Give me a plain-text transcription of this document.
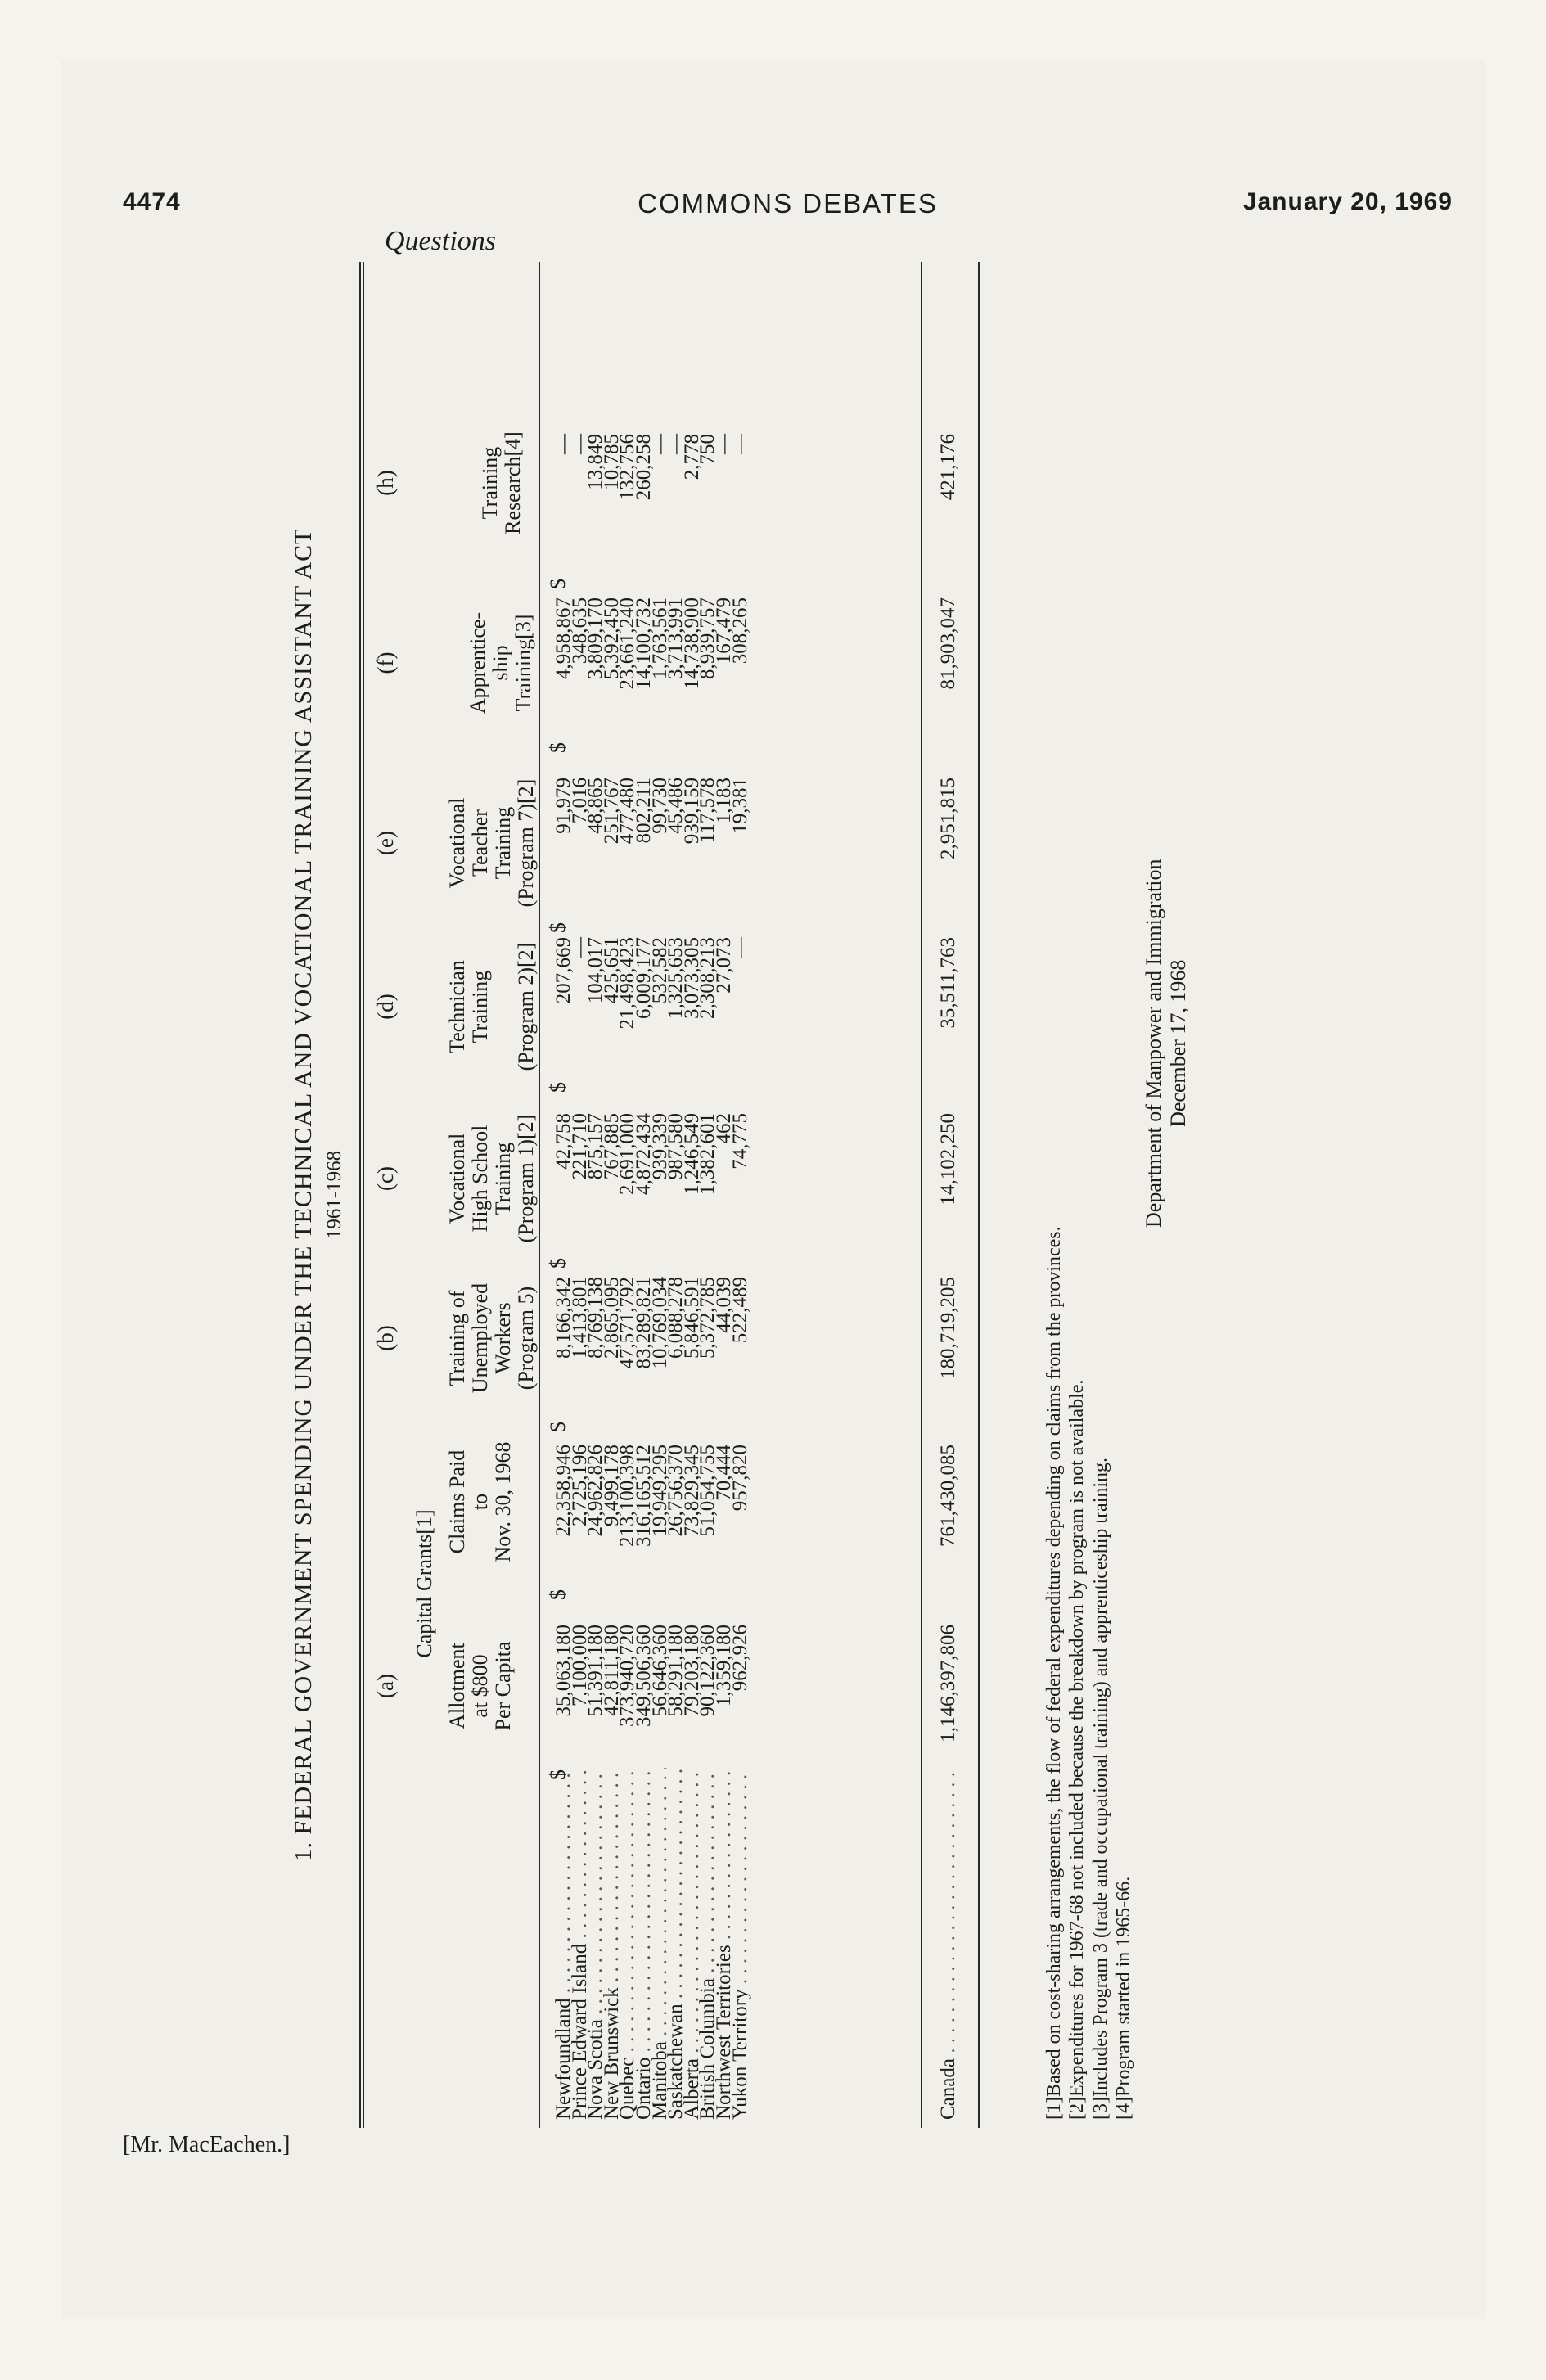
4474	COMMONS DEBATES	January 20, 1969
Questions
1. FEDERAL GOVERNMENT SPENDING UNDER THE TECHNICAL AND VOCATIONAL TRAINING ASSISTANT ACT 1961-1968
(a)
(b)
(c)
(d)
(e)
(f)
(h)
Capital Grants[1]
Allotment at $800 Per Capita
Claims Paid to Nov. 30, 1968
Training of Unemployed Workers (Program 5)
Vocational High School Training (Program 1)[2]
Technician Training
(Program 2)[2]
Vocational Teacher Training (Program 7)[2]
Apprentice- ship Training[3]
Training Research[4]
$
$
$
$
$
$
$
$
Newfoundland . . .
35,063,180
22,358,946
8,166,342
42,758
207,669
91,979
4,958,867
—
Prince Edward Island . . .
7,100,000
2,725,196
1,413,801
221,710
—
7,016
348,635
—
Nova Scotia . . .
51,391,180
24,962,826
8,769,138
875,157
104,017
48,865
3,809,170
13,849
New Brunswick . . .
42,811,180
9,499,178
2,865,095
767,885
425,651
251,767
5,392,450
10,785
Quebec . . .
373,940,720
213,100,398
47,571,792
2,691,000
21,498,423
477,480
23,661,240
132,756
Ontario . . .
349,506,360
316,165,512
83,289,821
4,872,434
6,009,177
802,211
14,100,732
260,258
Manitoba . . .
56,646,360
19,949,295
10,769,034
939,339
532,582
99,730
1,763,561
—
Saskatchewan . . .
58,291,180
26,756,370
6,088,278
987,580
1,325,653
45,486
3,713,991
—
Alberta . . .
79,203,180
73,829,345
5,846,591
1,246,549
3,073,305
939,159
14,738,900
2,778
British Columbia . . .
90,122,360
51,054,755
5,372,785
1,382,601
2,308,213
117,578
8,939,757
750
Northwest Territories . . .
1,359,180
70,444
44,039
462
27,073
1,183
167,479
—
Yukon Territory . . .
962,926
957,820
522,489
74,775
—
19,381
308,265
—
Canada . . .
1,146,397,806
761,430,085
180,719,205
14,102,250
35,511,763
2,951,815
81,903,047
421,176
[1]Based on cost-sharing arrangements, the flow of federal expenditures depending on claims from the provinces. [2]Expenditures for 1967-68 not included because the breakdown by program is not available. [3]Includes Program 3 (trade and occupational training) and apprenticeship training. [4]Program started in 1965-66.
Department of Manpower and Immigration December 17, 1968
[Mr. MacEachen.]
